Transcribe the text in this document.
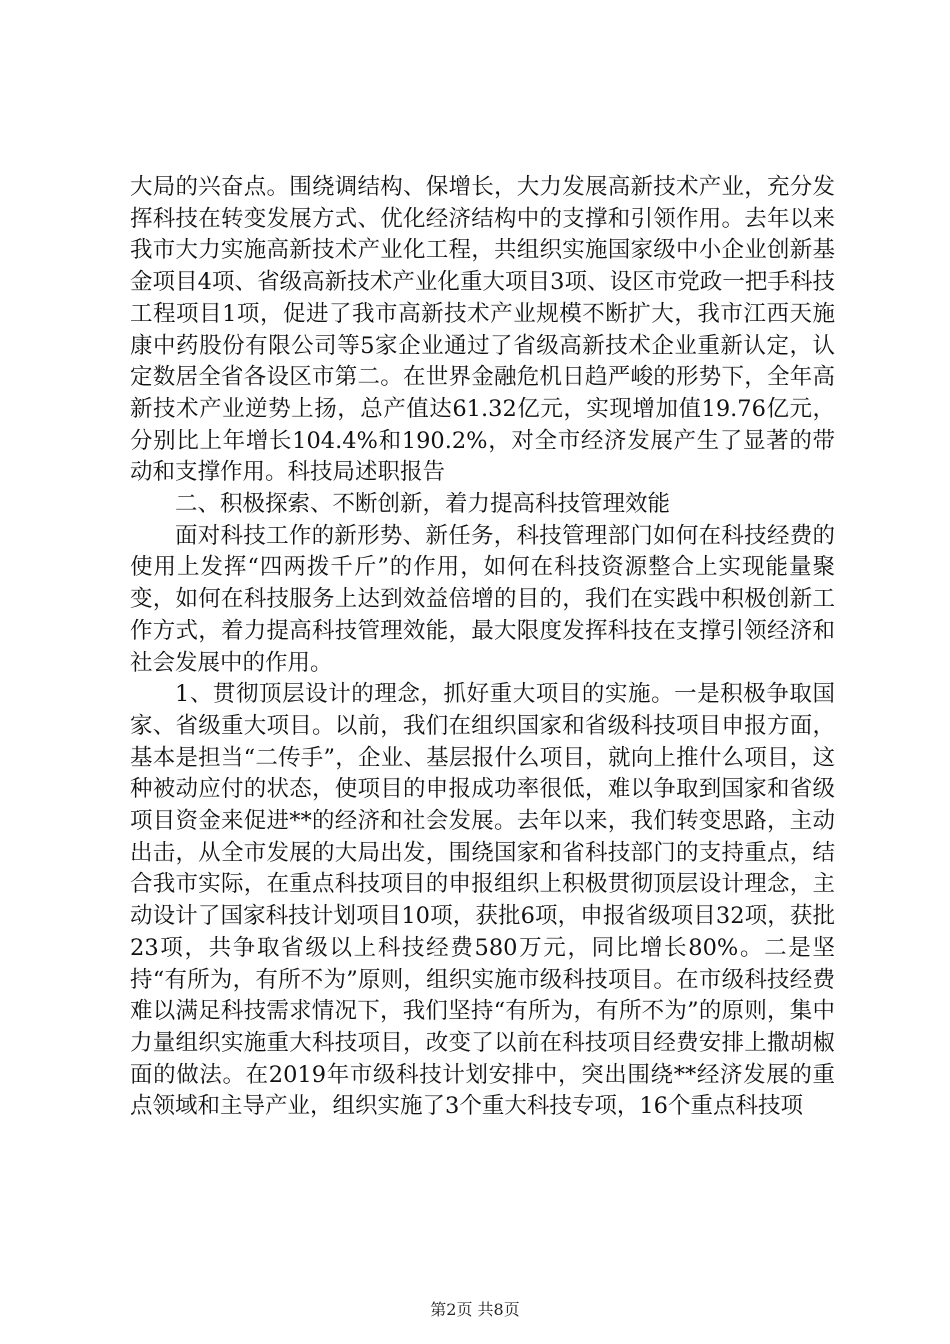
大局的兴奋点。围绕调结构、保增长，大力发展高新技术产业，充分发挥科技在转变发展方式、优化经济结构中的支撑和引领作用。去年以来我市大力实施高新技术产业化工程，共组织实施国家级中小企业创新基金项目4项、省级高新技术产业化重大项目3项、设区市党政一把手科技工程项目1项，促进了我市高新技术产业规模不断扩大，我市江西天施康中药股份有限公司等5家企业通过了省级高新技术企业重新认定，认定数居全省各设区市第二。在世界金融危机日趋严峻的形势下，全年高新技术产业逆势上扬，总产值达61.32亿元，实现增加值19.76亿元，分别比上年增长104.4%和190.2%，对全市经济发展产生了显著的带动和支撑作用。科技局述职报告

二、积极探索、不断创新，着力提高科技管理效能

面对科技工作的新形势、新任务，科技管理部门如何在科技经费的使用上发挥“四两拨千斤”的作用，如何在科技资源整合上实现能量聚变，如何在科技服务上达到效益倍增的目的，我们在实践中积极创新工作方式，着力提高科技管理效能，最大限度发挥科技在支撑引领经济和社会发展中的作用。

1、贯彻顶层设计的理念，抓好重大项目的实施。一是积极争取国家、省级重大项目。以前，我们在组织国家和省级科技项目申报方面，基本是担当“二传手”，企业、基层报什么项目，就向上推什么项目，这种被动应付的状态，使项目的申报成功率很低，难以争取到国家和省级项目资金来促进**的经济和社会发展。去年以来，我们转变思路，主动出击，从全市发展的大局出发，围绕国家和省科技部门的支持重点，结合我市实际，在重点科技项目的申报组织上积极贯彻顶层设计理念，主动设计了国家科技计划项目10项，获批6项，申报省级项目32项，获批23项，共争取省级以上科技经费580万元，同比增长80%。二是坚持“有所为，有所不为”原则，组织实施市级科技项目。在市级科技经费难以满足科技需求情况下，我们坚持“有所为，有所不为”的原则，集中力量组织实施重大科技项目，改变了以前在科技项目经费安排上撒胡椒面的做法。在2019年市级科技计划安排中，突出围绕**经济发展的重点领域和主导产业，组织实施了3个重大科技专项，16个重点科技项

第2页 共8页
